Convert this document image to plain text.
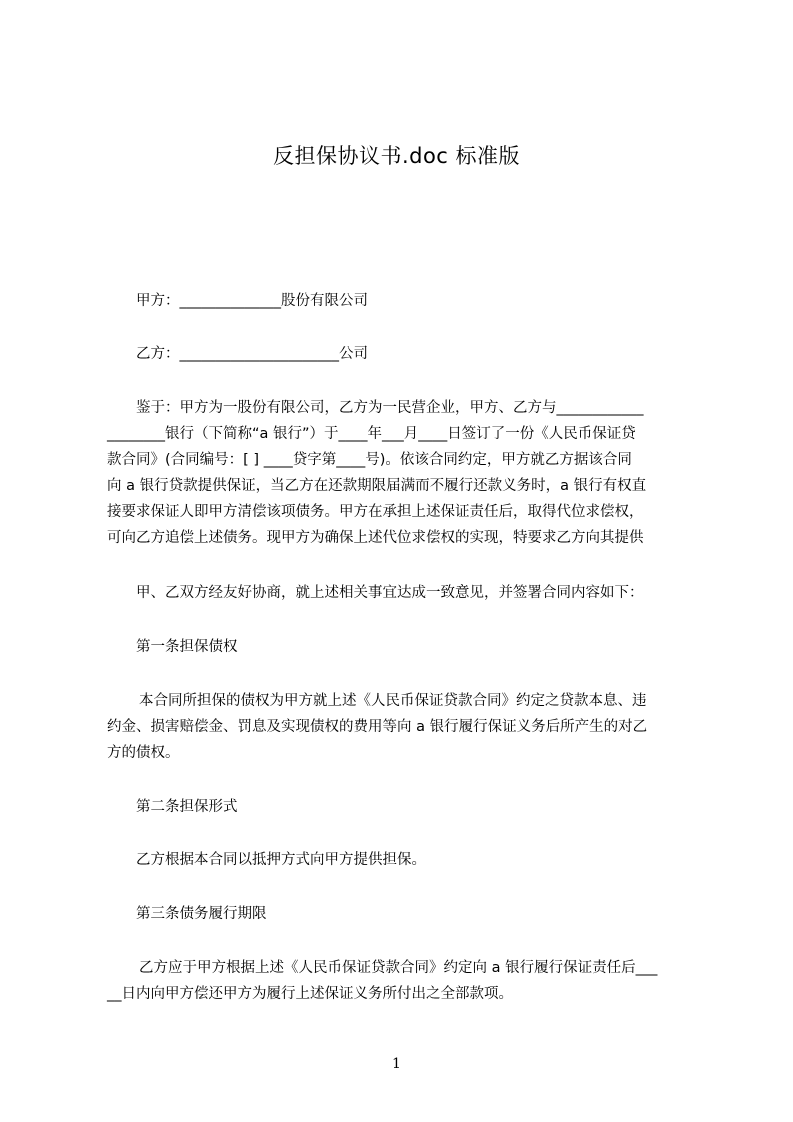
反担保协议书.doc 标准版
甲方：______________股份有限公司
乙方：______________________公司
鉴于：甲方为一股份有限公司，乙方为一民营企业，甲方、乙方与____________
________银行（下简称“a 银行”）于____年___月____日签订了一份《人民币保证贷
款合同》(合同编号：[ ] ____贷字第____号)。依该合同约定，甲方就乙方据该合同
向 a 银行贷款提供保证，当乙方在还款期限届满而不履行还款义务时，a 银行有权直
接要求保证人即甲方清偿该项债务。甲方在承担上述保证责任后，取得代位求偿权，
可向乙方追偿上述债务。现甲方为确保上述代位求偿权的实现，特要求乙方向其提供
甲、乙双方经友好协商，就上述相关事宜达成一致意见，并签署合同内容如下：
第一条担保债权
本合同所担保的债权为甲方就上述《人民币保证贷款合同》约定之贷款本息、违
约金、损害赔偿金、罚息及实现债权的费用等向 a 银行履行保证义务后所产生的对乙
方的债权。
第二条担保形式
乙方根据本合同以抵押方式向甲方提供担保。
第三条债务履行期限
乙方应于甲方根据上述《人民币保证贷款合同》约定向 a 银行履行保证责任后___
__日内向甲方偿还甲方为履行上述保证义务所付出之全部款项。
1
